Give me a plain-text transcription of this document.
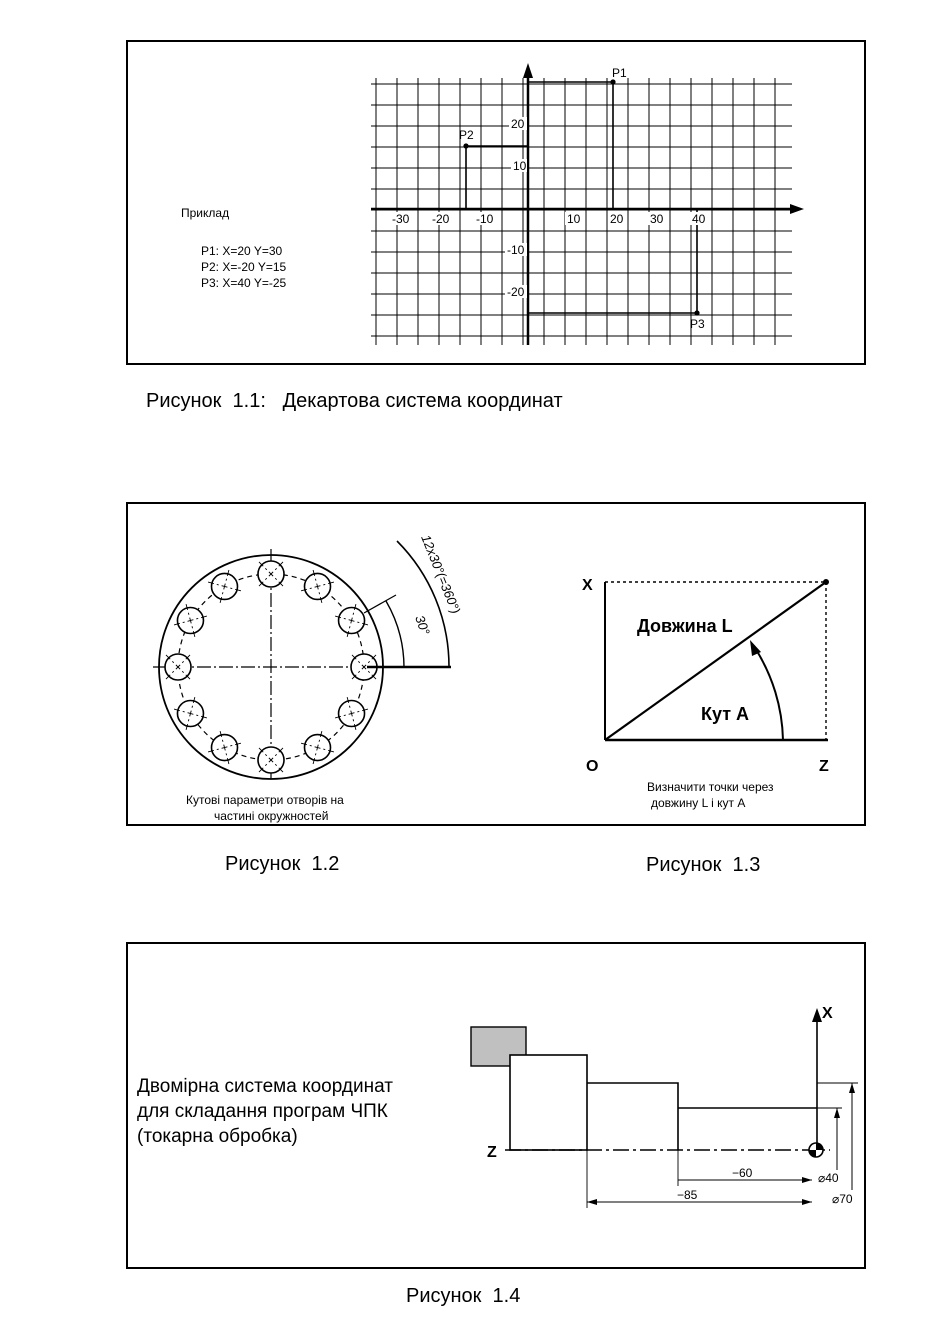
Приклад
P1: X=20 Y=30
P2: X=-20 Y=15
P3: X=40 Y=-25
P1
P2
P3
-30 -20 -10	10 20 30 40
20
10
-10
-20
Рисунок  1.1:   Декартова система координат
30°
12x30°(=360°)
Кутові параметри отворів на
частині окружностей
X
O	Z
Довжина L
Кут A
Визначити точки через
довжину L і кут A
Рисунок  1.2	Рисунок  1.3
Двомірна система координат
для складання програм ЧПК
(токарна обробка)
X
Z
−60
−85
⌀40
⌀70
Рисунок  1.4
